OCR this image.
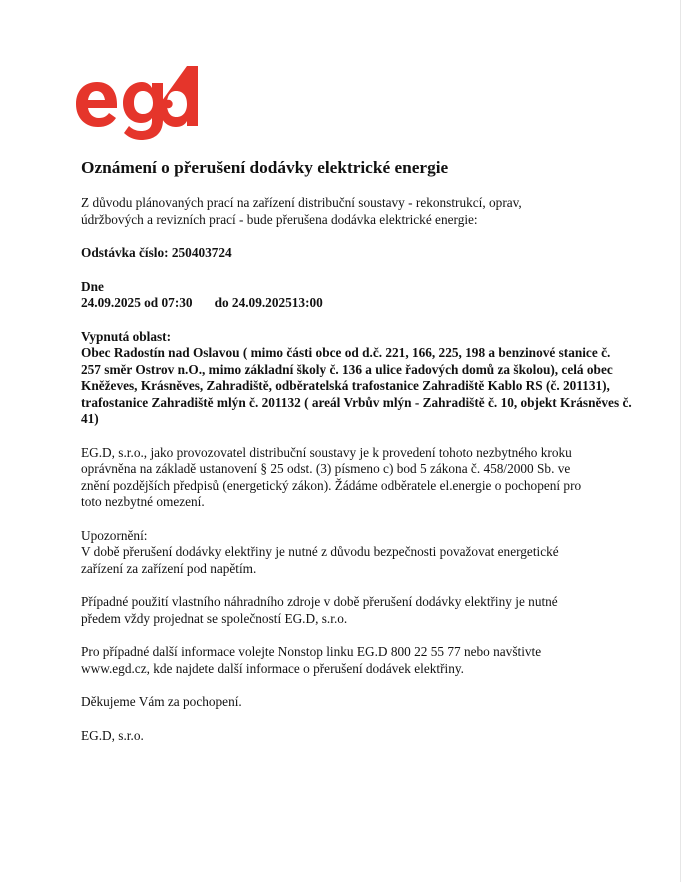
Oznámení o přerušení dodávky elektrické energie

Z důvodu plánovaných prací na zařízení distribuční soustavy - rekonstrukcí, oprav,
údržbových a revizních prací - bude přerušena dodávka elektrické energie:

Odstávka číslo: 250403724

Dne
24.09.2025 od 07:30 do 24.09.202513:00
Vypnutá oblast:
Obec Radostín nad Oslavou ( mimo části obce od d.č. 221, 166, 225, 198 a benzinové stanice č.
257 směr Ostrov n.O., mimo základní školy č. 136 a ulice řadových domů za školou), celá obec
Kněževes, Krásněves, Zahradiště, odběratelská trafostanice Zahradiště Kablo RS (č. 201131),
trafostanice Zahradiště mlýn č. 201132 ( areál Vrbův mlýn - Zahradiště č. 10, objekt Krásněves č.
41)

EG.D, s.r.o., jako provozovatel distribuční soustavy je k provedení tohoto nezbytného kroku
oprávněna na základě ustanovení § 25 odst. (3) písmeno c) bod 5 zákona č. 458/2000 Sb. ve
znění pozdějších předpisů (energetický zákon). Žádáme odběratele el.energie o pochopení pro
toto nezbytné omezení.

Upozornění:
V době přerušení dodávky elektřiny je nutné z důvodu bezpečnosti považovat energetické
zařízení za zařízení pod napětím.

Případné použití vlastního náhradního zdroje v době přerušení dodávky elektřiny je nutné
předem vždy projednat se společností EG.D, s.r.o.

Pro případné další informace volejte Nonstop linku EG.D 800 22 55 77 nebo navštivte
www.egd.cz, kde najdete další informace o přerušení dodávek elektřiny.

Děkujeme Vám za pochopení.

EG.D, s.r.o.
